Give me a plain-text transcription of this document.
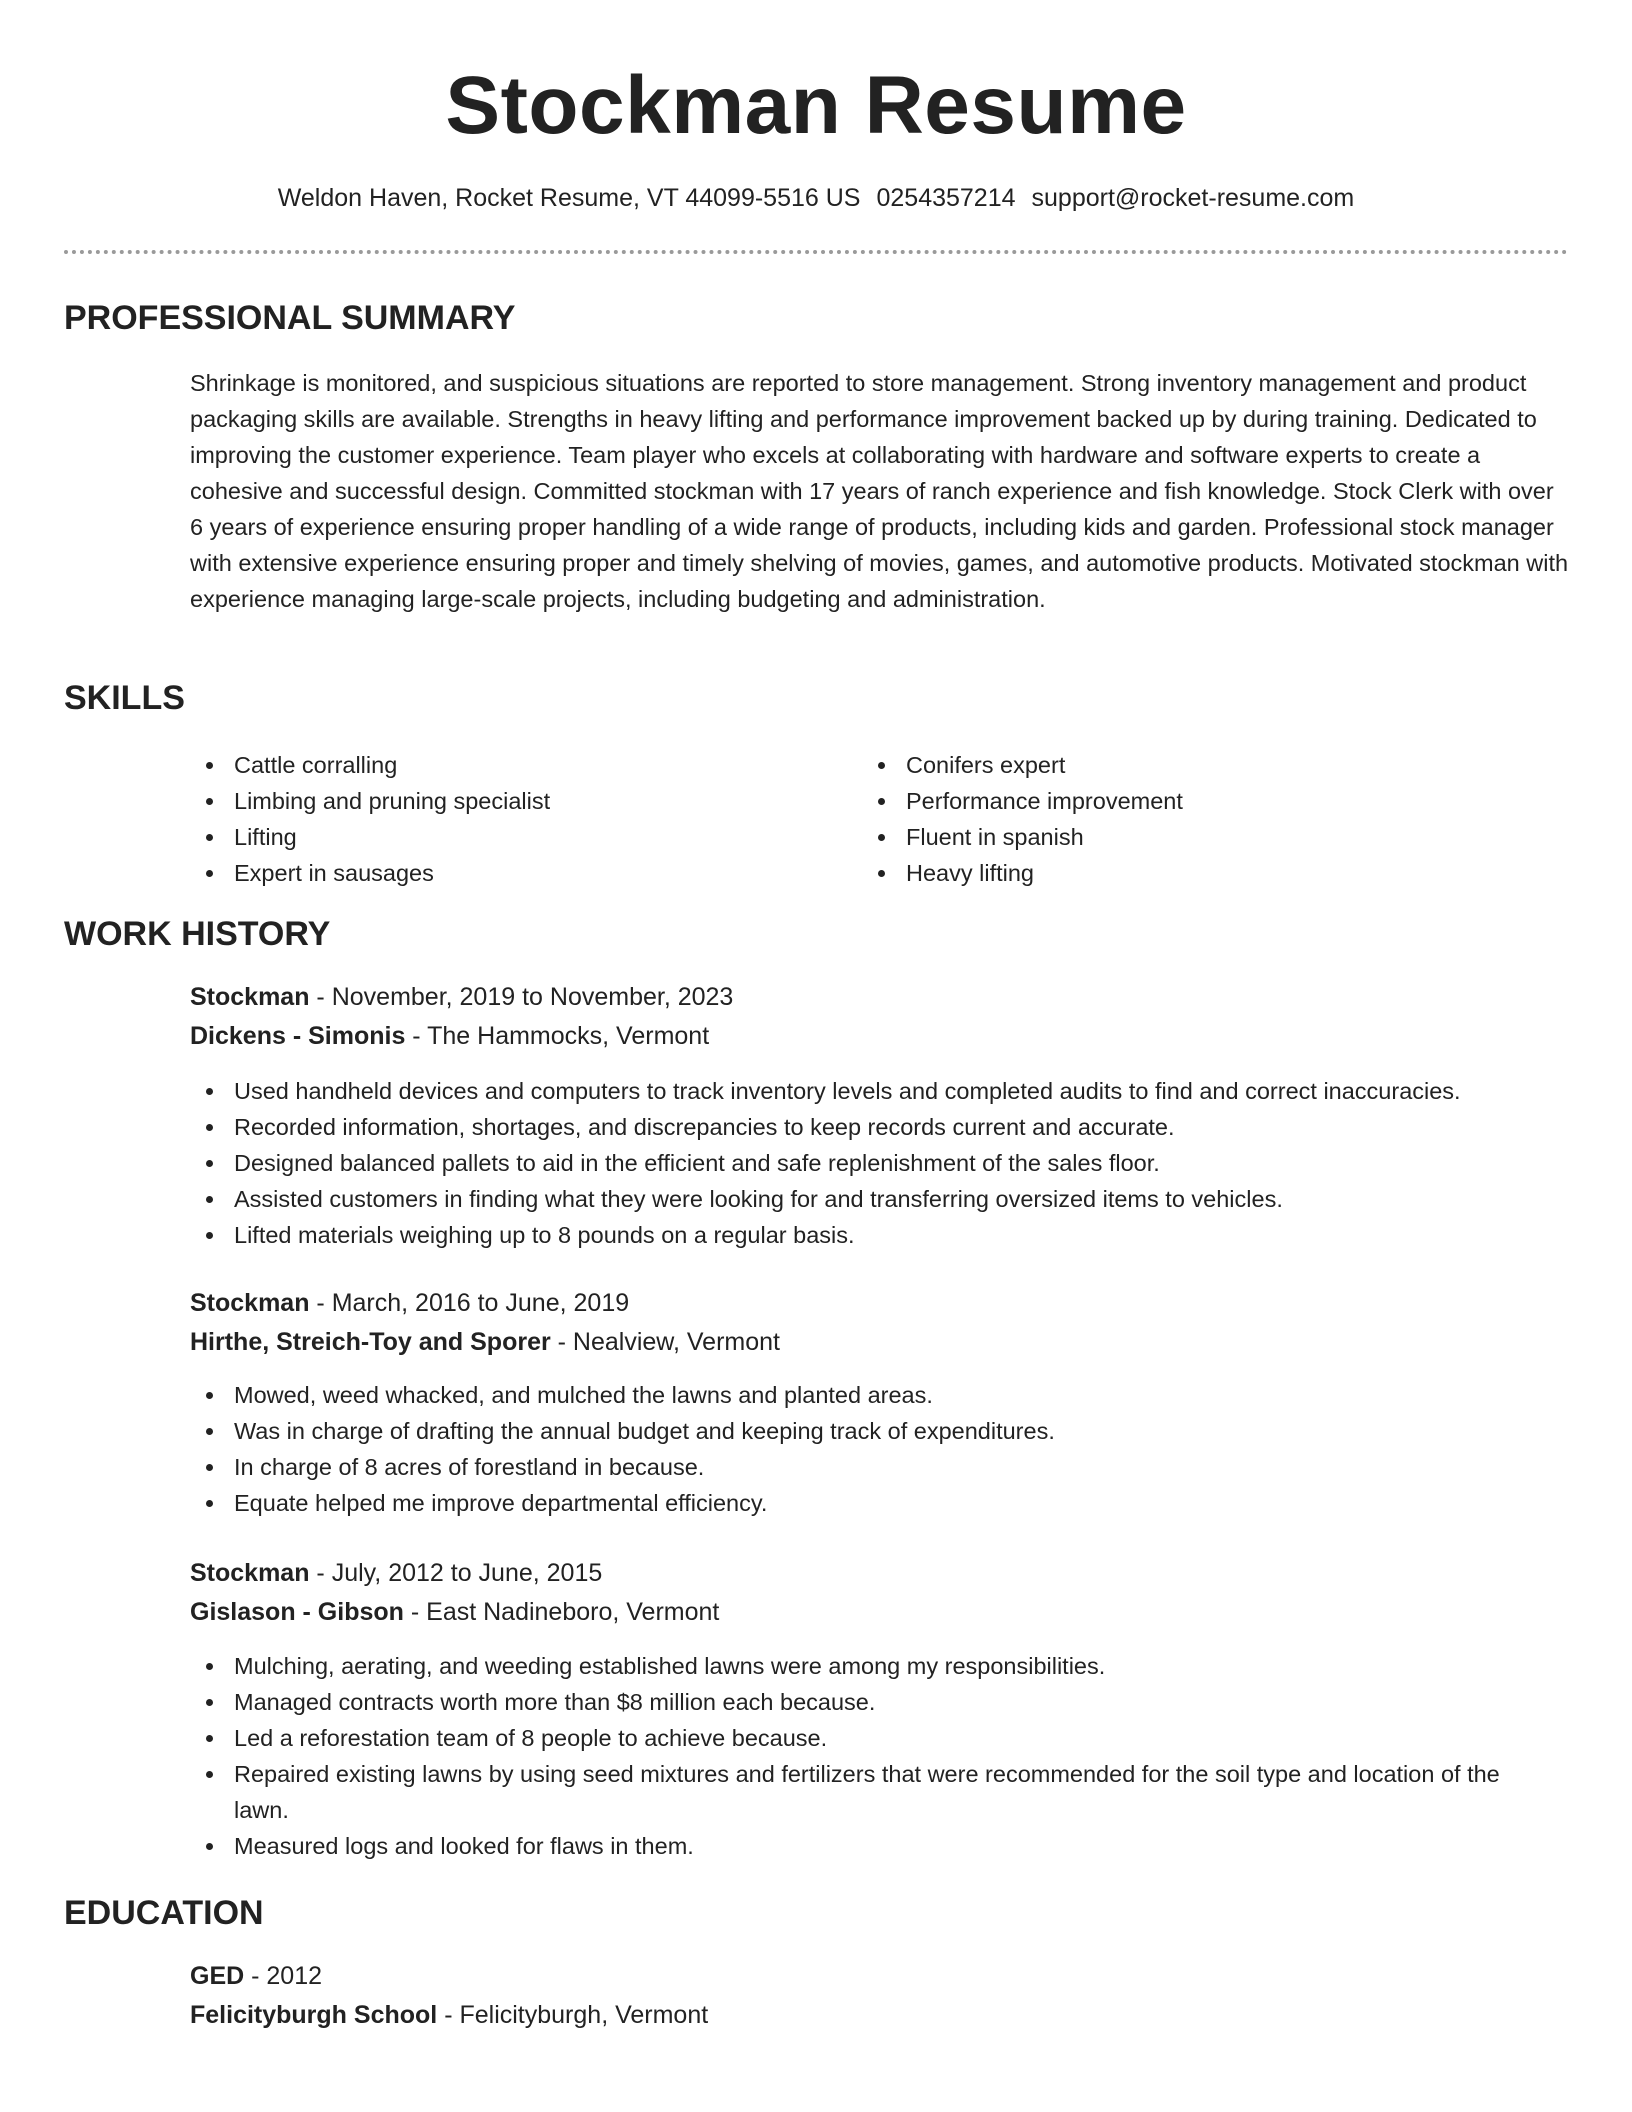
Stockman Resume
Weldon Haven, Rocket Resume, VT 44099-5516 US 0254357214 support@rocket-resume.com
PROFESSIONAL SUMMARY

Shrinkage is monitored, and suspicious situations are reported to store management. Strong inventory management and product packaging skills are available. Strengths in heavy lifting and performance improvement backed up by during training. Dedicated to improving the customer experience. Team player who excels at collaborating with hardware and software experts to create a cohesive and successful design. Committed stockman with 17 years of ranch experience and fish knowledge. Stock Clerk with over 6 years of experience ensuring proper handling of a wide range of products, including kids and garden. Professional stock manager with extensive experience ensuring proper and timely shelving of movies, games, and automotive products. Motivated stockman with experience managing large-scale projects, including budgeting and administration.

SKILLS
Cattle corralling
Limbing and pruning specialist
Lifting
Expert in sausages
Conifers expert
Performance improvement
Fluent in spanish
Heavy lifting
WORK HISTORY
Stockman - November, 2019 to November, 2023
Dickens - Simonis - The Hammocks, Vermont
Used handheld devices and computers to track inventory levels and completed audits to find and correct inaccuracies.
Recorded information, shortages, and discrepancies to keep records current and accurate.
Designed balanced pallets to aid in the efficient and safe replenishment of the sales floor.
Assisted customers in finding what they were looking for and transferring oversized items to vehicles.
Lifted materials weighing up to 8 pounds on a regular basis.
Stockman - March, 2016 to June, 2019
Hirthe, Streich-Toy and Sporer - Nealview, Vermont
Mowed, weed whacked, and mulched the lawns and planted areas.
Was in charge of drafting the annual budget and keeping track of expenditures.
In charge of 8 acres of forestland in because.
Equate helped me improve departmental efficiency.
Stockman - July, 2012 to June, 2015
Gislason - Gibson - East Nadineboro, Vermont
Mulching, aerating, and weeding established lawns were among my responsibilities.
Managed contracts worth more than $8 million each because.
Led a reforestation team of 8 people to achieve because.
Repaired existing lawns by using seed mixtures and fertilizers that were recommended for the soil type and location of the lawn.
Measured logs and looked for flaws in them.
EDUCATION
GED - 2012
Felicityburgh School - Felicityburgh, Vermont
